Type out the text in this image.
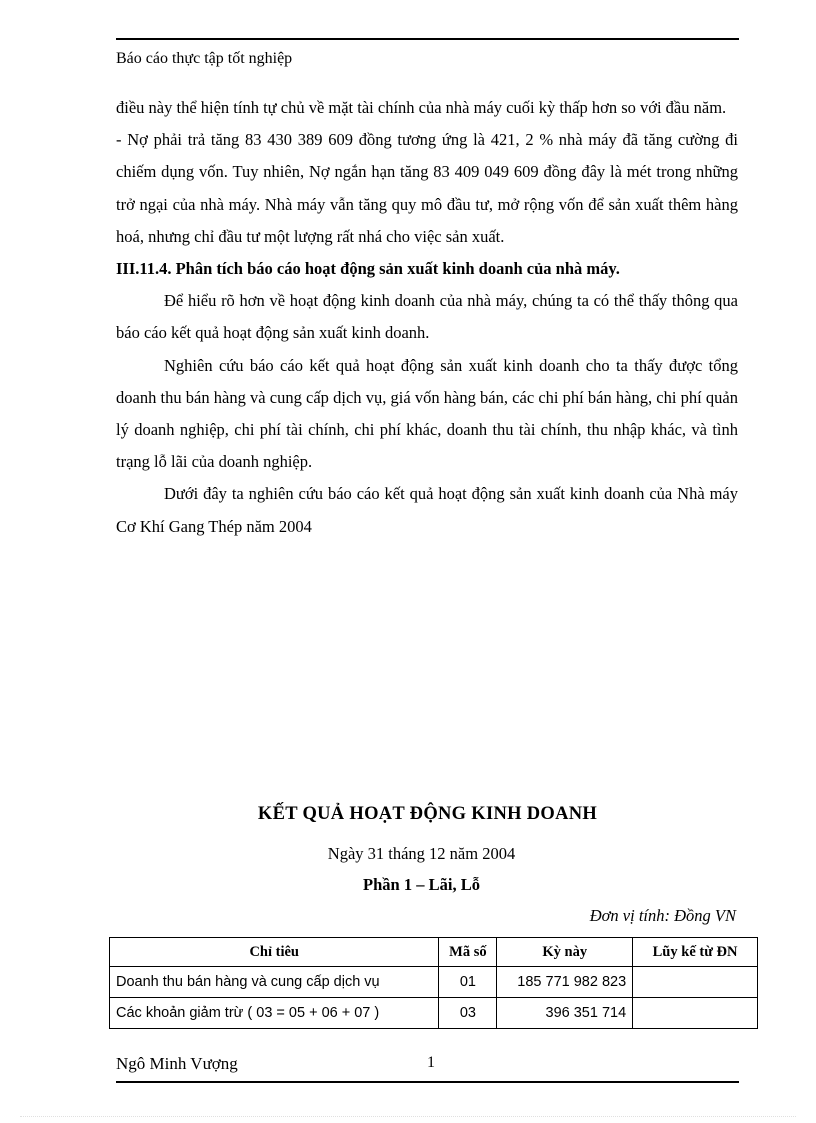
Báo cáo thực tập tốt nghiệp

điều này thể hiện tính tự chủ về mặt tài chính của nhà máy cuối kỳ thấp hơn so với đầu năm.

- Nợ phải trả tăng 83 430 389 609 đồng tương ứng là 421, 2 % nhà máy đã tăng cường đi chiếm dụng vốn. Tuy nhiên, Nợ ngắn hạn tăng 83 409 049 609 đồng đây là mét trong những trở ngại của nhà máy. Nhà máy vẫn tăng quy mô đầu tư, mở rộng vốn để sản xuất thêm hàng hoá, nhưng chỉ đầu tư một lượng rất nhá cho việc sản xuất.

III.11.4. Phân tích báo cáo hoạt động sản xuất kinh doanh của nhà máy.

Để hiểu rõ hơn về hoạt động kinh doanh của nhà máy, chúng ta có thể thấy thông qua báo cáo kết quả hoạt động sản xuất kinh doanh.

Nghiên cứu báo cáo kết quả hoạt động sản xuất kinh doanh cho ta thấy được tổng doanh thu bán hàng và cung cấp dịch vụ, giá vốn hàng bán, các chi phí bán hàng, chi phí quản lý doanh nghiệp, chi phí tài chính, chi phí khác, doanh thu tài chính, thu nhập khác, và tình trạng lỗ lãi của doanh nghiệp.

Dưới đây ta nghiên cứu báo cáo kết quả hoạt động sản xuất kinh doanh của Nhà máy Cơ Khí Gang Thép năm 2004

KẾT QUẢ HOẠT ĐỘNG KINH DOANH
Ngày 31 tháng 12 năm 2004
Phần 1 – Lãi, Lỗ
Đơn vị tính: Đồng VN
Chỉ tiêu	Mã số	Kỳ này	Lũy kế từ ĐN
Doanh thu bán hàng và cung cấp dịch vụ	01	185 771 982 823	
Các khoản giảm trừ ( 03 = 05 + 06 + 07 )	03	396 351 714	
Ngô Minh Vượng	1
